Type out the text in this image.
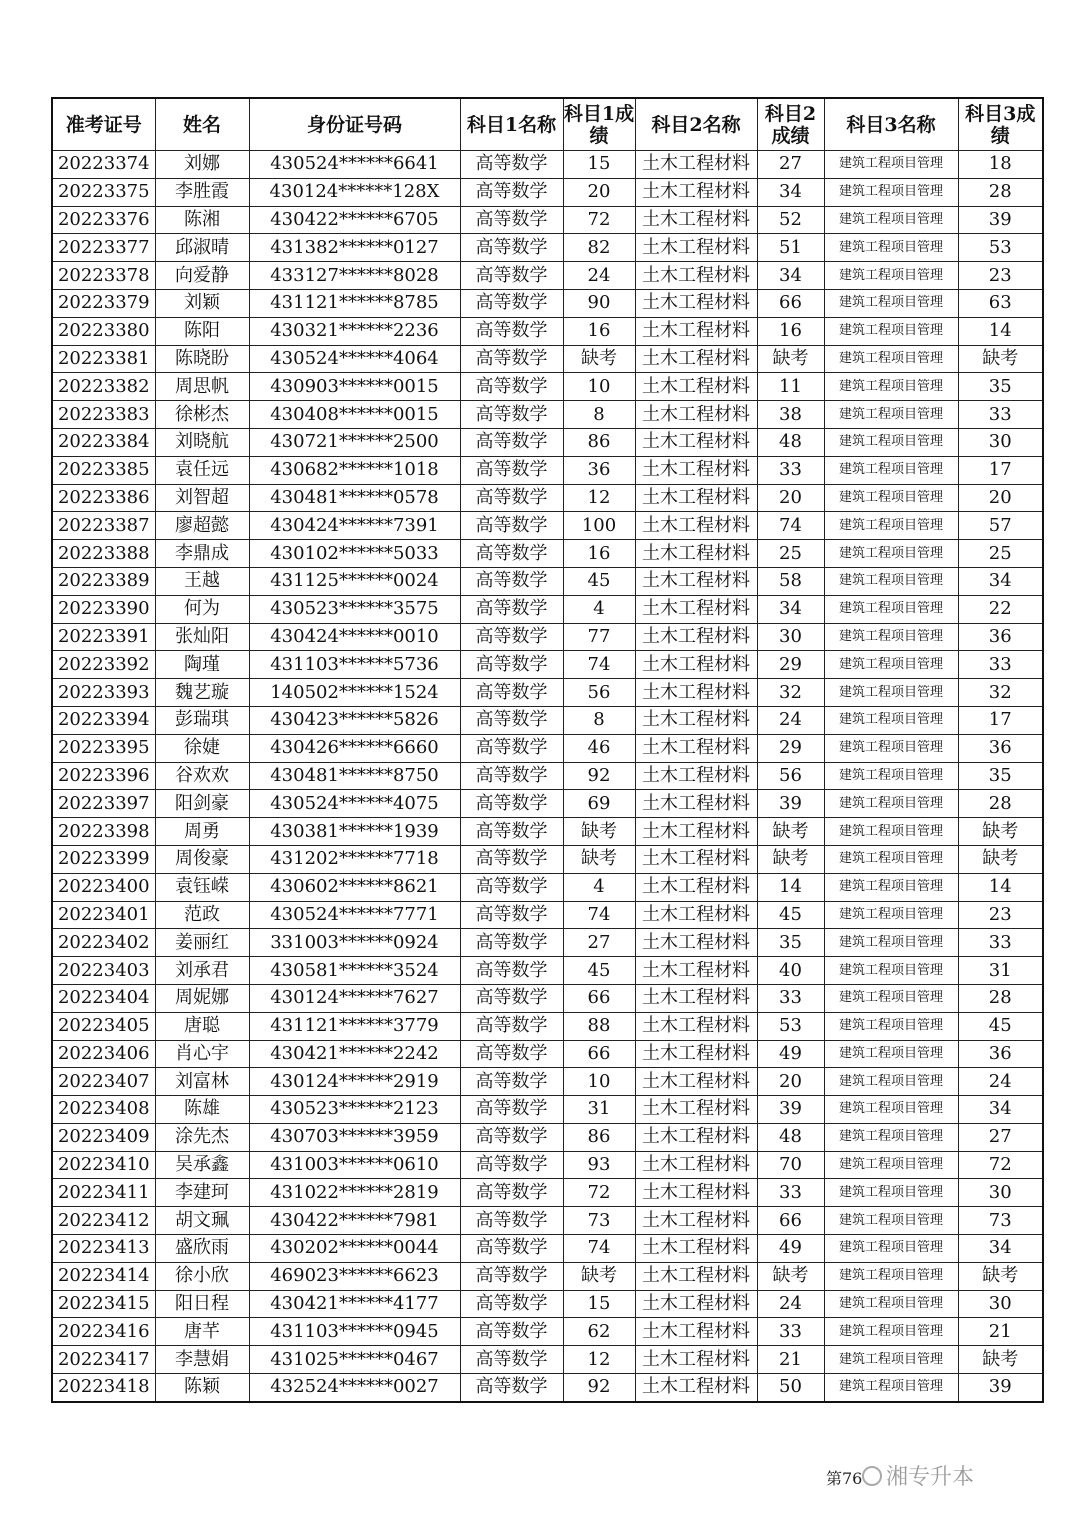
准考证号	姓名	身份证号码	科目1名称	科目1成绩	科目2名称	科目2成绩	科目3名称	科目3成绩
20223374	刘娜	430524******6641	高等数学	15	土木工程材料	27	建筑工程项目管理	18
20223375	李胜霞	430124******128X	高等数学	20	土木工程材料	34	建筑工程项目管理	28
20223376	陈湘	430422******6705	高等数学	72	土木工程材料	52	建筑工程项目管理	39
20223377	邱淑晴	431382******0127	高等数学	82	土木工程材料	51	建筑工程项目管理	53
20223378	向爱静	433127******8028	高等数学	24	土木工程材料	34	建筑工程项目管理	23
20223379	刘颖	431121******8785	高等数学	90	土木工程材料	66	建筑工程项目管理	63
20223380	陈阳	430321******2236	高等数学	16	土木工程材料	16	建筑工程项目管理	14
20223381	陈晓盼	430524******4064	高等数学	缺考	土木工程材料	缺考	建筑工程项目管理	缺考
20223382	周思帆	430903******0015	高等数学	10	土木工程材料	11	建筑工程项目管理	35
20223383	徐彬杰	430408******0015	高等数学	8	土木工程材料	38	建筑工程项目管理	33
20223384	刘晓航	430721******2500	高等数学	86	土木工程材料	48	建筑工程项目管理	30
20223385	袁任远	430682******1018	高等数学	36	土木工程材料	33	建筑工程项目管理	17
20223386	刘智超	430481******0578	高等数学	12	土木工程材料	20	建筑工程项目管理	20
20223387	廖超懿	430424******7391	高等数学	100	土木工程材料	74	建筑工程项目管理	57
20223388	李鼎成	430102******5033	高等数学	16	土木工程材料	25	建筑工程项目管理	25
20223389	王越	431125******0024	高等数学	45	土木工程材料	58	建筑工程项目管理	34
20223390	何为	430523******3575	高等数学	4	土木工程材料	34	建筑工程项目管理	22
20223391	张灿阳	430424******0010	高等数学	77	土木工程材料	30	建筑工程项目管理	36
20223392	陶瑾	431103******5736	高等数学	74	土木工程材料	29	建筑工程项目管理	33
20223393	魏艺璇	140502******1524	高等数学	56	土木工程材料	32	建筑工程项目管理	32
20223394	彭瑞琪	430423******5826	高等数学	8	土木工程材料	24	建筑工程项目管理	17
20223395	徐婕	430426******6660	高等数学	46	土木工程材料	29	建筑工程项目管理	36
20223396	谷欢欢	430481******8750	高等数学	92	土木工程材料	56	建筑工程项目管理	35
20223397	阳剑豪	430524******4075	高等数学	69	土木工程材料	39	建筑工程项目管理	28
20223398	周勇	430381******1939	高等数学	缺考	土木工程材料	缺考	建筑工程项目管理	缺考
20223399	周俊豪	431202******7718	高等数学	缺考	土木工程材料	缺考	建筑工程项目管理	缺考
20223400	袁钰嵘	430602******8621	高等数学	4	土木工程材料	14	建筑工程项目管理	14
20223401	范政	430524******7771	高等数学	74	土木工程材料	45	建筑工程项目管理	23
20223402	姜丽红	331003******0924	高等数学	27	土木工程材料	35	建筑工程项目管理	33
20223403	刘承君	430581******3524	高等数学	45	土木工程材料	40	建筑工程项目管理	31
20223404	周妮娜	430124******7627	高等数学	66	土木工程材料	33	建筑工程项目管理	28
20223405	唐聪	431121******3779	高等数学	88	土木工程材料	53	建筑工程项目管理	45
20223406	肖心宇	430421******2242	高等数学	66	土木工程材料	49	建筑工程项目管理	36
20223407	刘富林	430124******2919	高等数学	10	土木工程材料	20	建筑工程项目管理	24
20223408	陈雄	430523******2123	高等数学	31	土木工程材料	39	建筑工程项目管理	34
20223409	涂先杰	430703******3959	高等数学	86	土木工程材料	48	建筑工程项目管理	27
20223410	吴承鑫	431003******0610	高等数学	93	土木工程材料	70	建筑工程项目管理	72
20223411	李建珂	431022******2819	高等数学	72	土木工程材料	33	建筑工程项目管理	30
20223412	胡文珮	430422******7981	高等数学	73	土木工程材料	66	建筑工程项目管理	73
20223413	盛欣雨	430202******0044	高等数学	74	土木工程材料	49	建筑工程项目管理	34
20223414	徐小欣	469023******6623	高等数学	缺考	土木工程材料	缺考	建筑工程项目管理	缺考
20223415	阳日程	430421******4177	高等数学	15	土木工程材料	24	建筑工程项目管理	30
20223416	唐芊	431103******0945	高等数学	62	土木工程材料	33	建筑工程项目管理	21
20223417	李慧娟	431025******0467	高等数学	12	土木工程材料	21	建筑工程项目管理	缺考
20223418	陈颖	432524******0027	高等数学	92	土木工程材料	50	建筑工程项目管理	39
第76 湘专升本
